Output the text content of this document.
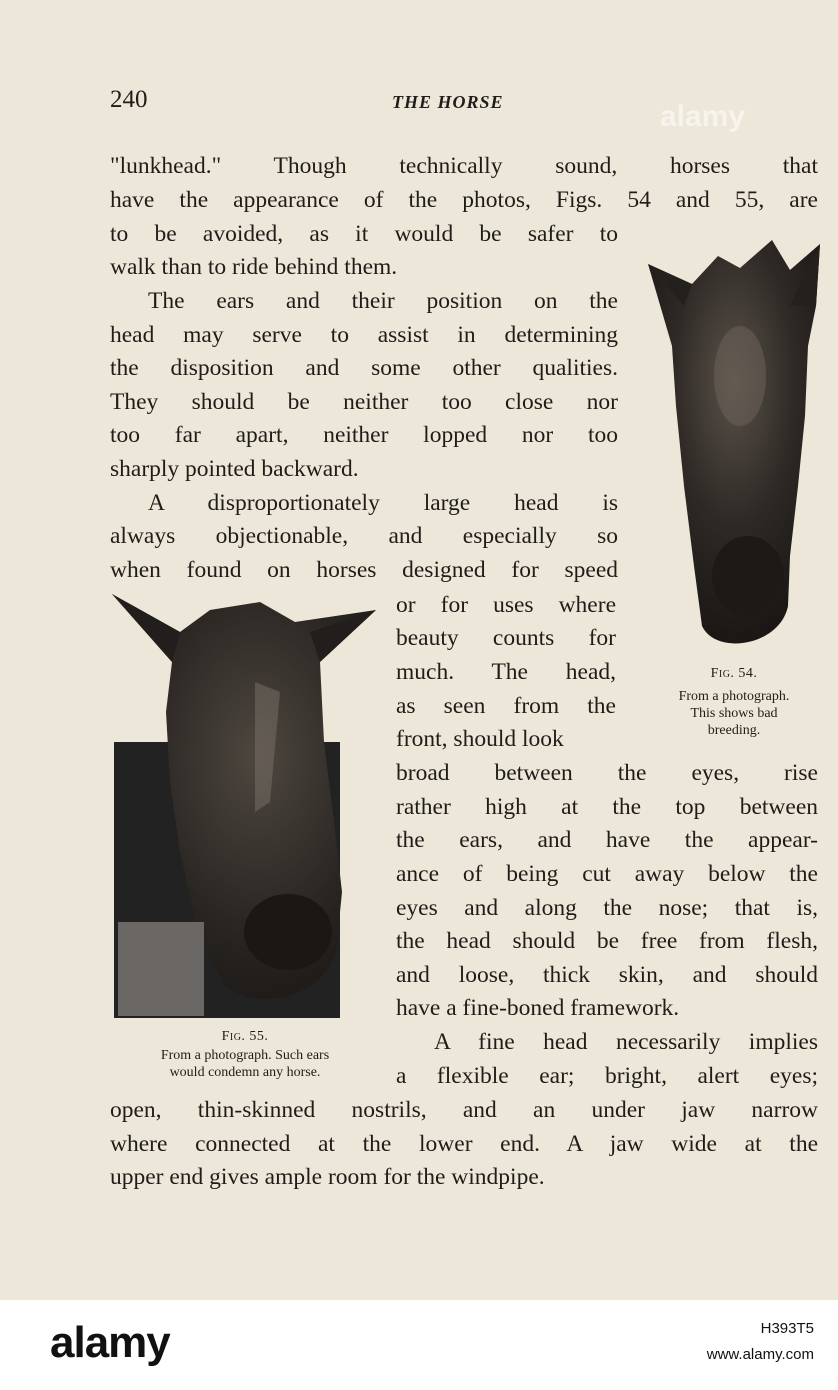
240	THE HORSE
"lunkhead." Though technically sound, horses that
have the appearance of the photos, Figs. 54 and 55, are
to be avoided, as it would be safer to
walk than to ride behind them.
The ears and their position on the
head may serve to assist in determining
the disposition and some other qualities.
They should be neither too close nor
too far apart, neither lopped nor too
sharply pointed backward.
A disproportionately large head is
always objectionable, and especially so
when found on horses designed for speed
or for uses where
beauty counts for
much. The head,
as seen from the
front, should look
broad between the eyes, rise
rather high at the top between
the ears, and have the appear-
ance of being cut away below the
eyes and along the nose; that is,
the head should be free from flesh,
and loose, thick skin, and should
have a fine-boned framework.
A fine head necessarily implies
a flexible ear; bright, alert eyes;
open, thin-skinned nostrils, and an under jaw narrow
where connected at the lower end. A jaw wide at the
upper end gives ample room for the windpipe.
Fig. 54.
From a photograph.
This shows bad
breeding.
Fig. 55.
From a photograph. Such ears
would condemn any horse.
alamy
alamy	H393T5
www.alamy.com
